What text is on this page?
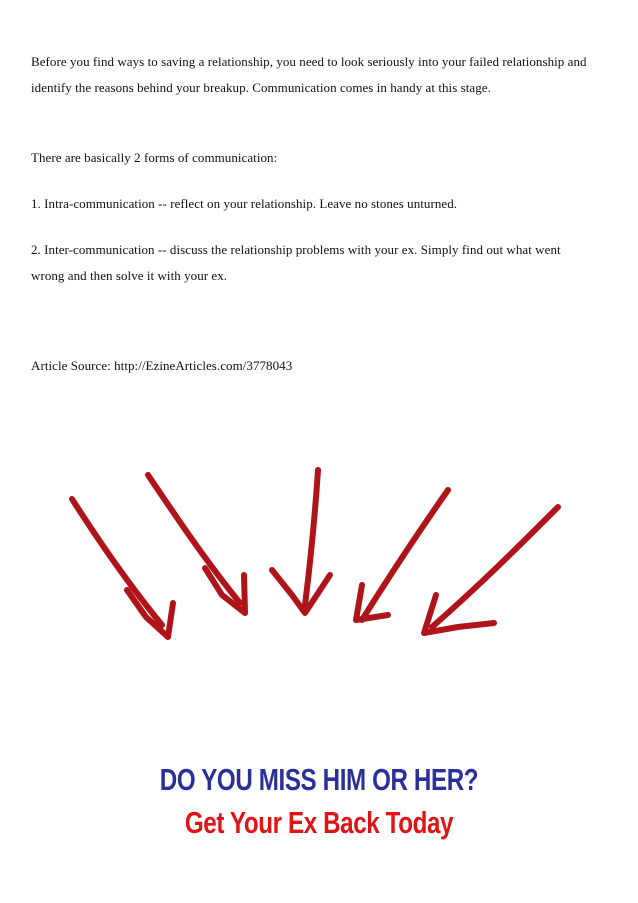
Before you find ways to saving a relationship, you need to look seriously into your failed relationship and identify the reasons behind your breakup. Communication comes in handy at this stage.

There are basically 2 forms of communication:

1. Intra-communication -- reflect on your relationship. Leave no stones unturned.

2. Inter-communication -- discuss the relationship problems with your ex. Simply find out what went wrong and then solve it with your ex.

Article Source: http://EzineArticles.com/3778043

DO YOU MISS HIM OR HER?
Get Your Ex Back Today
